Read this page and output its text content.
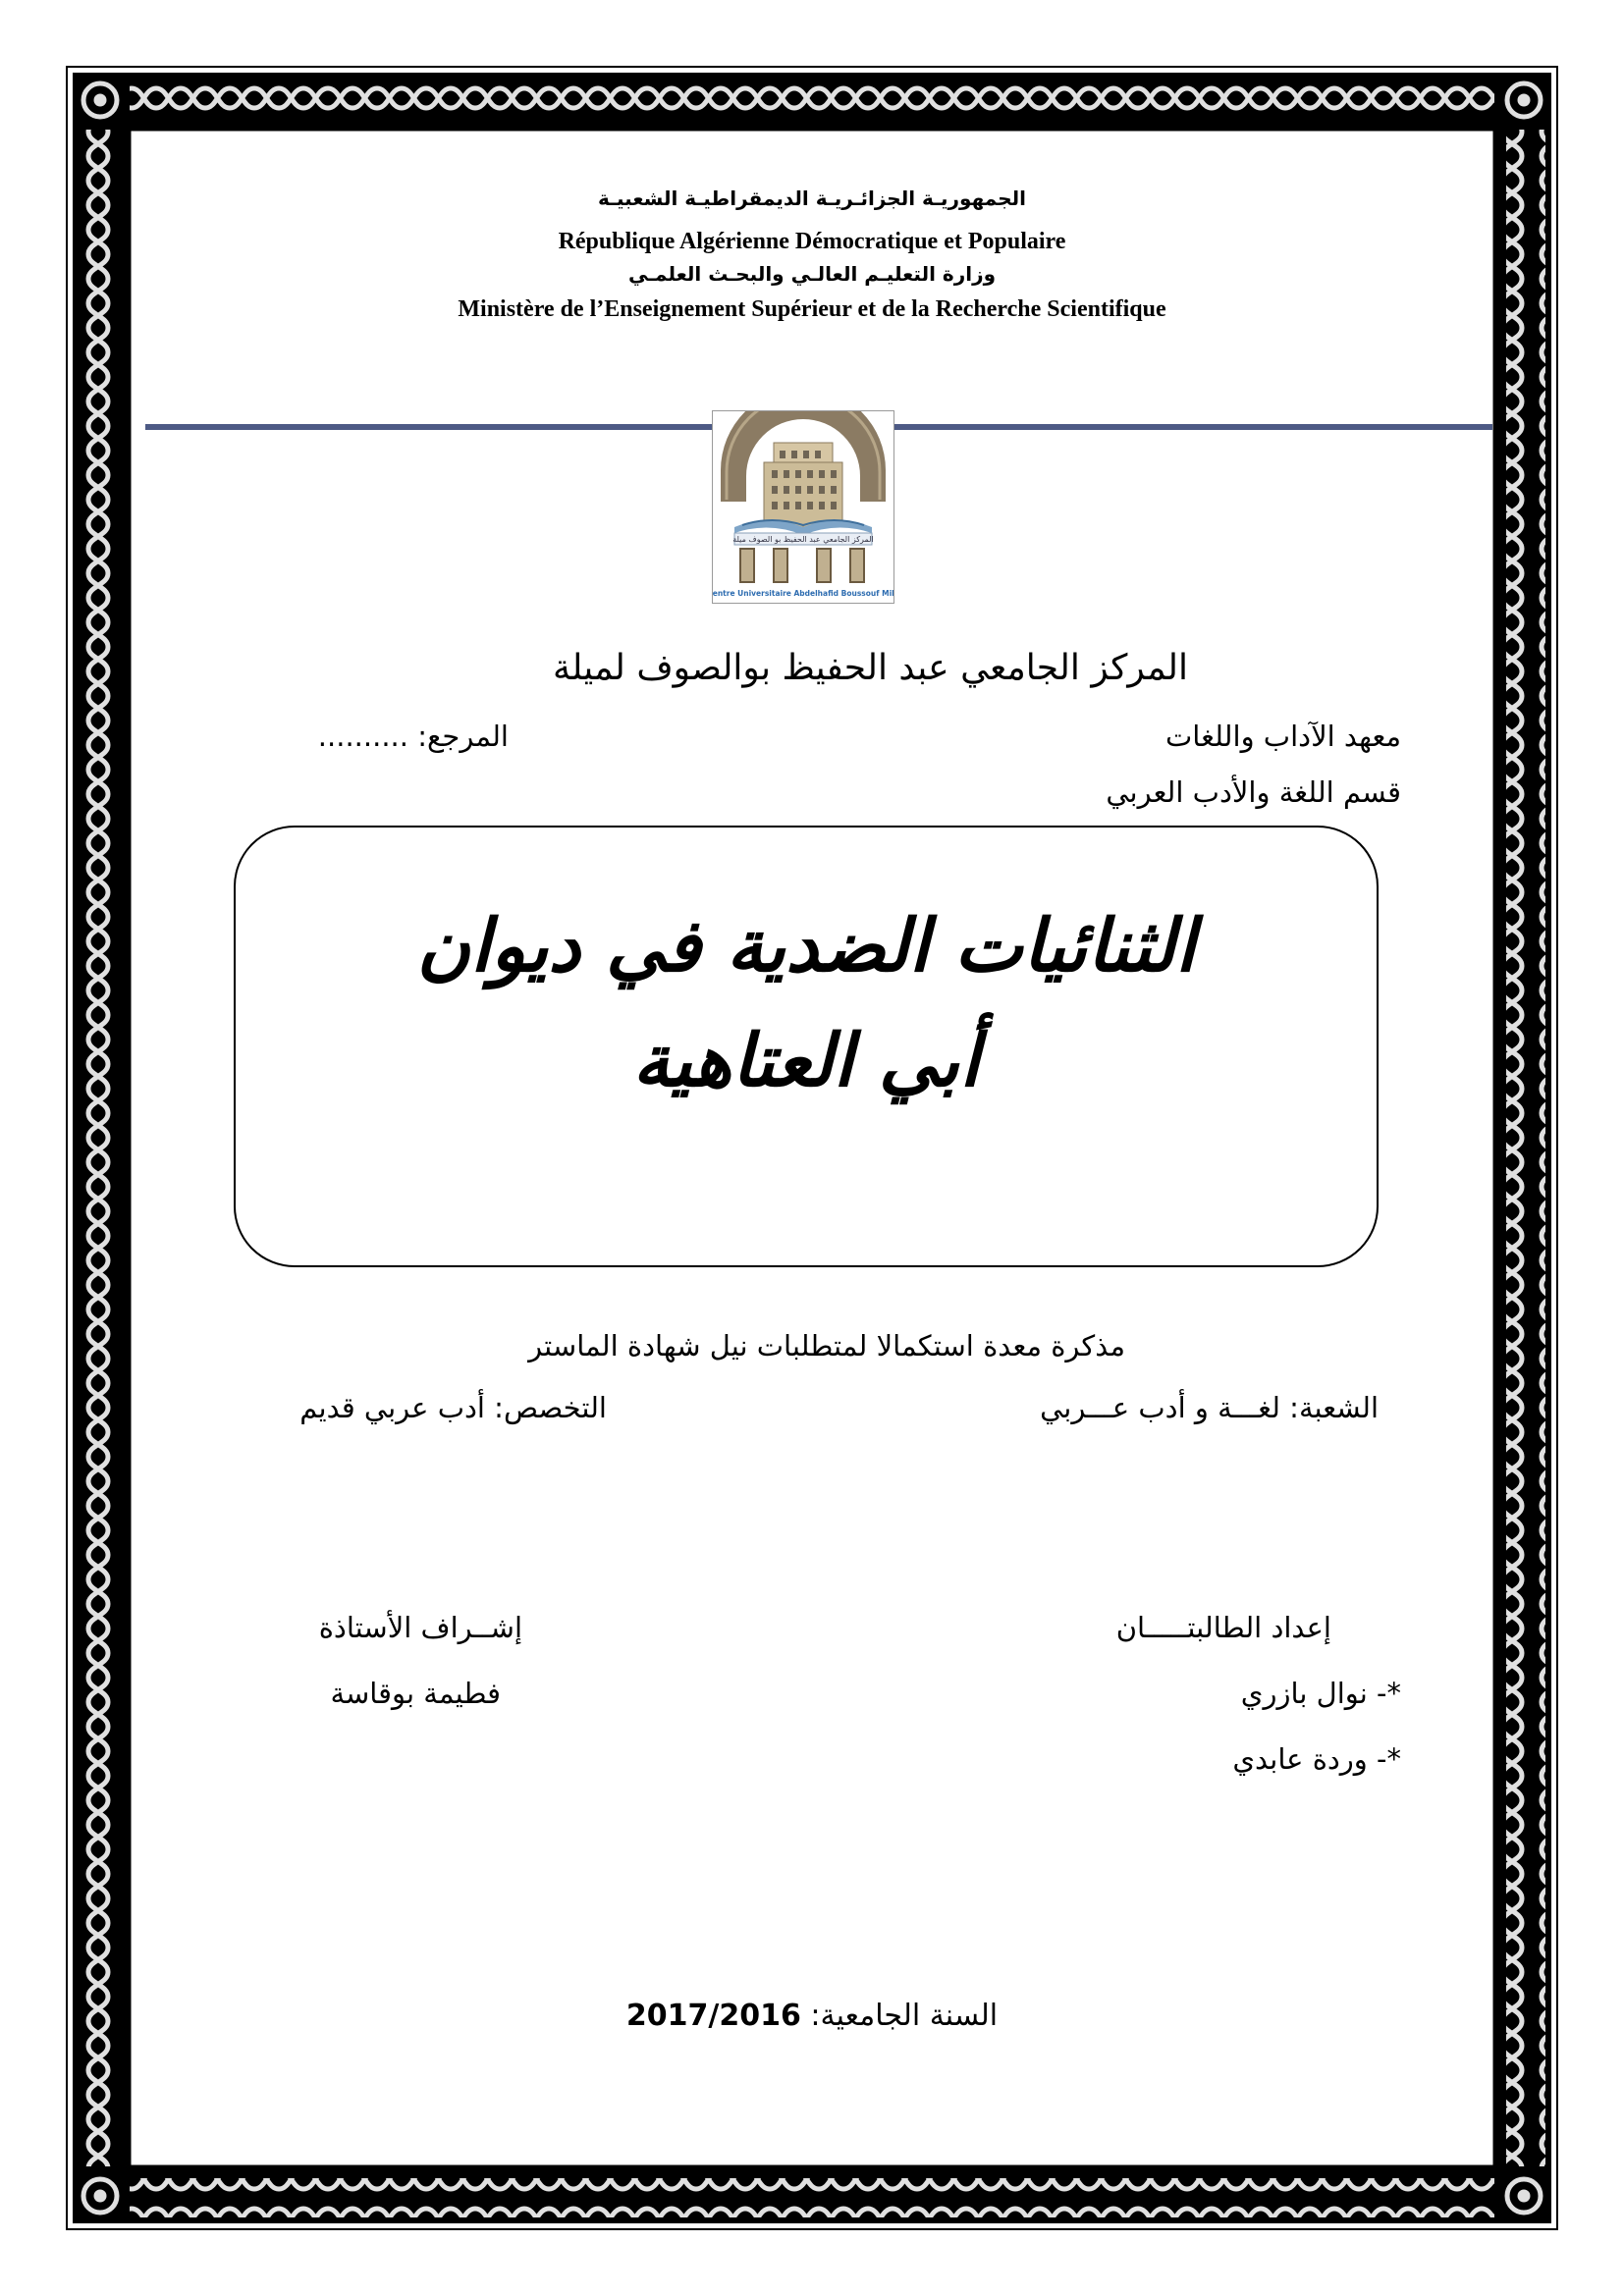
الجمهوريـة الجزائـريـة الديمقراطيـة الشعبيـة
République Algérienne Démocratique et Populaire
وزارة التعليـم العالـي والبحـث العلمـي
Ministère de l’Enseignement Supérieur et de la Recherche Scientifique
المركز الجامعي عبد الحفيظ بو الصوف ميلة
Centre Universitaire Abdelhafid Boussouf Mila
المركز الجامعي عبد الحفيظ بوالصوف لميلة
معهد الآداب واللغات
المرجع: ..........
قسم اللغة والأدب العربي
الثنائيات الضدية في ديوان
أبي العتاهية
مذكرة معدة استكمالا لمتطلبات نيل شهادة الماستر
الشعبة: لغـــة و أدب عـــربي
التخصص: أدب عربي قديم
إعداد الطالبتـــــان
إشــراف الأستاذة
*- نوال بازري
فطيمة بوقاسة
*- وردة عابدي
السنة الجامعية: 2017/2016
